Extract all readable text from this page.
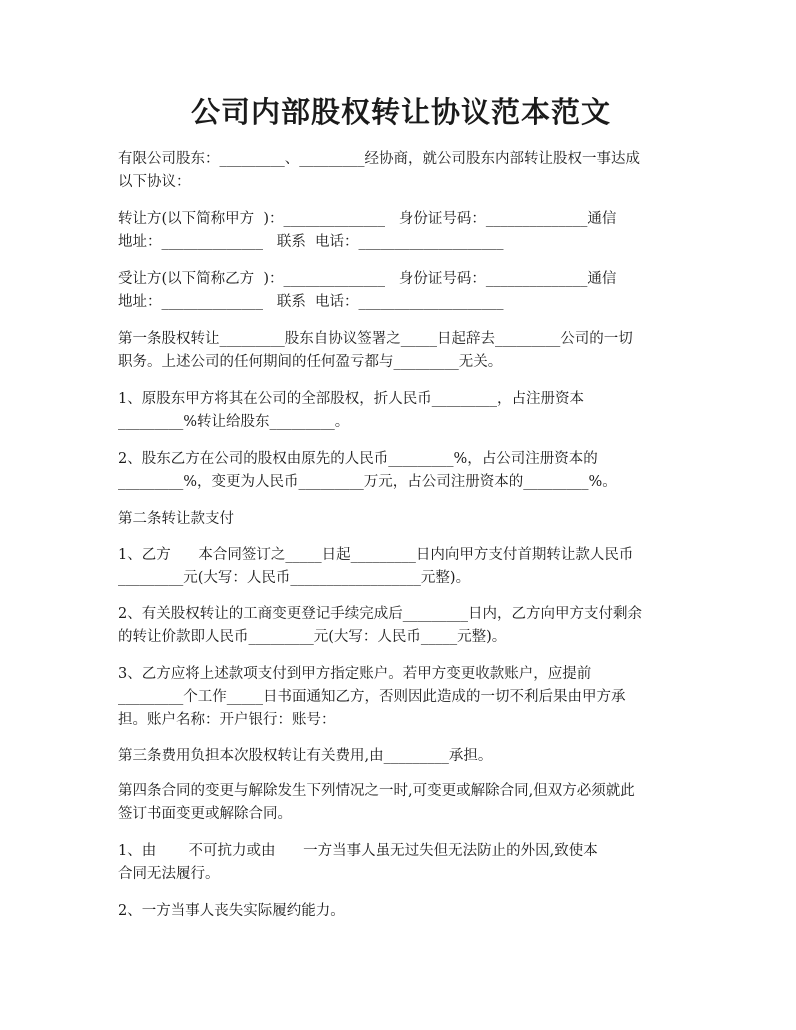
公司内部股权转让协议范本范文
有限公司股东：_________、_________经协商，就公司股东内部转让股权一事达成
以下协议：
转让方(以下简称甲方  )：______________   身份证号码：______________通信
地址：______________   联系  电话：____________________
受让方(以下简称乙方  )：______________   身份证号码：______________通信
地址：______________   联系  电话：____________________
第一条股权转让_________股东自协议签署之_____日起辞去_________公司的一切
职务。上述公司的任何期间的任何盈亏都与_________无关。
1、原股东甲方将其在公司的全部股权，折人民币_________，占注册资本
_________%转让给股东_________。
2、股东乙方在公司的股权由原先的人民币_________%，占公司注册资本的
_________%，变更为人民币_________万元，占公司注册资本的_________%。
第二条转让款支付
1、乙方      本合同签订之_____日起_________日内向甲方支付首期转让款人民币
_________元(大写：人民币__________________元整)。
2、有关股权转让的工商变更登记手续完成后_________日内，乙方向甲方支付剩余
的转让价款即人民币_________元(大写：人民币_____元整)。
3、乙方应将上述款项支付到甲方指定账户。若甲方变更收款账户，应提前
_________个工作_____日书面通知乙方，否则因此造成的一切不利后果由甲方承
担。账户名称：开户银行：账号：
第三条费用负担本次股权转让有关费用,由_________承担。
第四条合同的变更与解除发生下列情况之一时,可变更或解除合同,但双方必须就此
签订书面变更或解除合同。
1、由       不可抗力或由      一方当事人虽无过失但无法防止的外因,致使本
合同无法履行。
2、一方当事人丧失实际履约能力。
